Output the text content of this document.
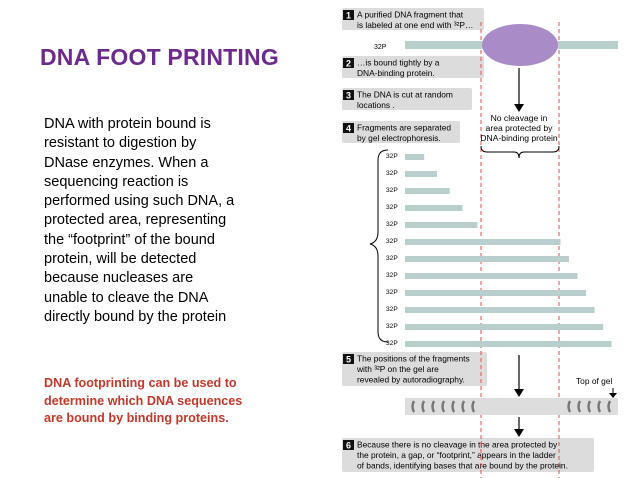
DNA FOOT PRINTING
DNA with protein bound is
resistant to digestion by
DNase enzymes. When a
sequencing reaction is
performed using such DNA, a
protected area, representing
the “footprint” of the bound
protein, will be detected
because nucleases are
unable to cleave the DNA
directly bound by the protein
DNA footprinting can be used to
determine which DNA sequences
are bound by binding proteins.
1 A purified DNA fragment that
is labeled at one end with ³²P…
2 …is bound tightly by a
DNA-binding protein.
3 The DNA is cut at random
locations .
4 Fragments are separated
by gel electrophoresis.
5 The positions of the fragments
with ³²P on the gel are
revealed by autoradiography.
6 Because there is no cleavage in the area protected by
the protein, a gap, or “footprint,” appears in the ladder
of bands, identifying bases that are bound by the protein.
32P
No cleavage in
area protected by
DNA-binding protein
32P
32P
32P
32P
32P
32P
32P
32P
32P
32P
32P
32P
Top of gel
